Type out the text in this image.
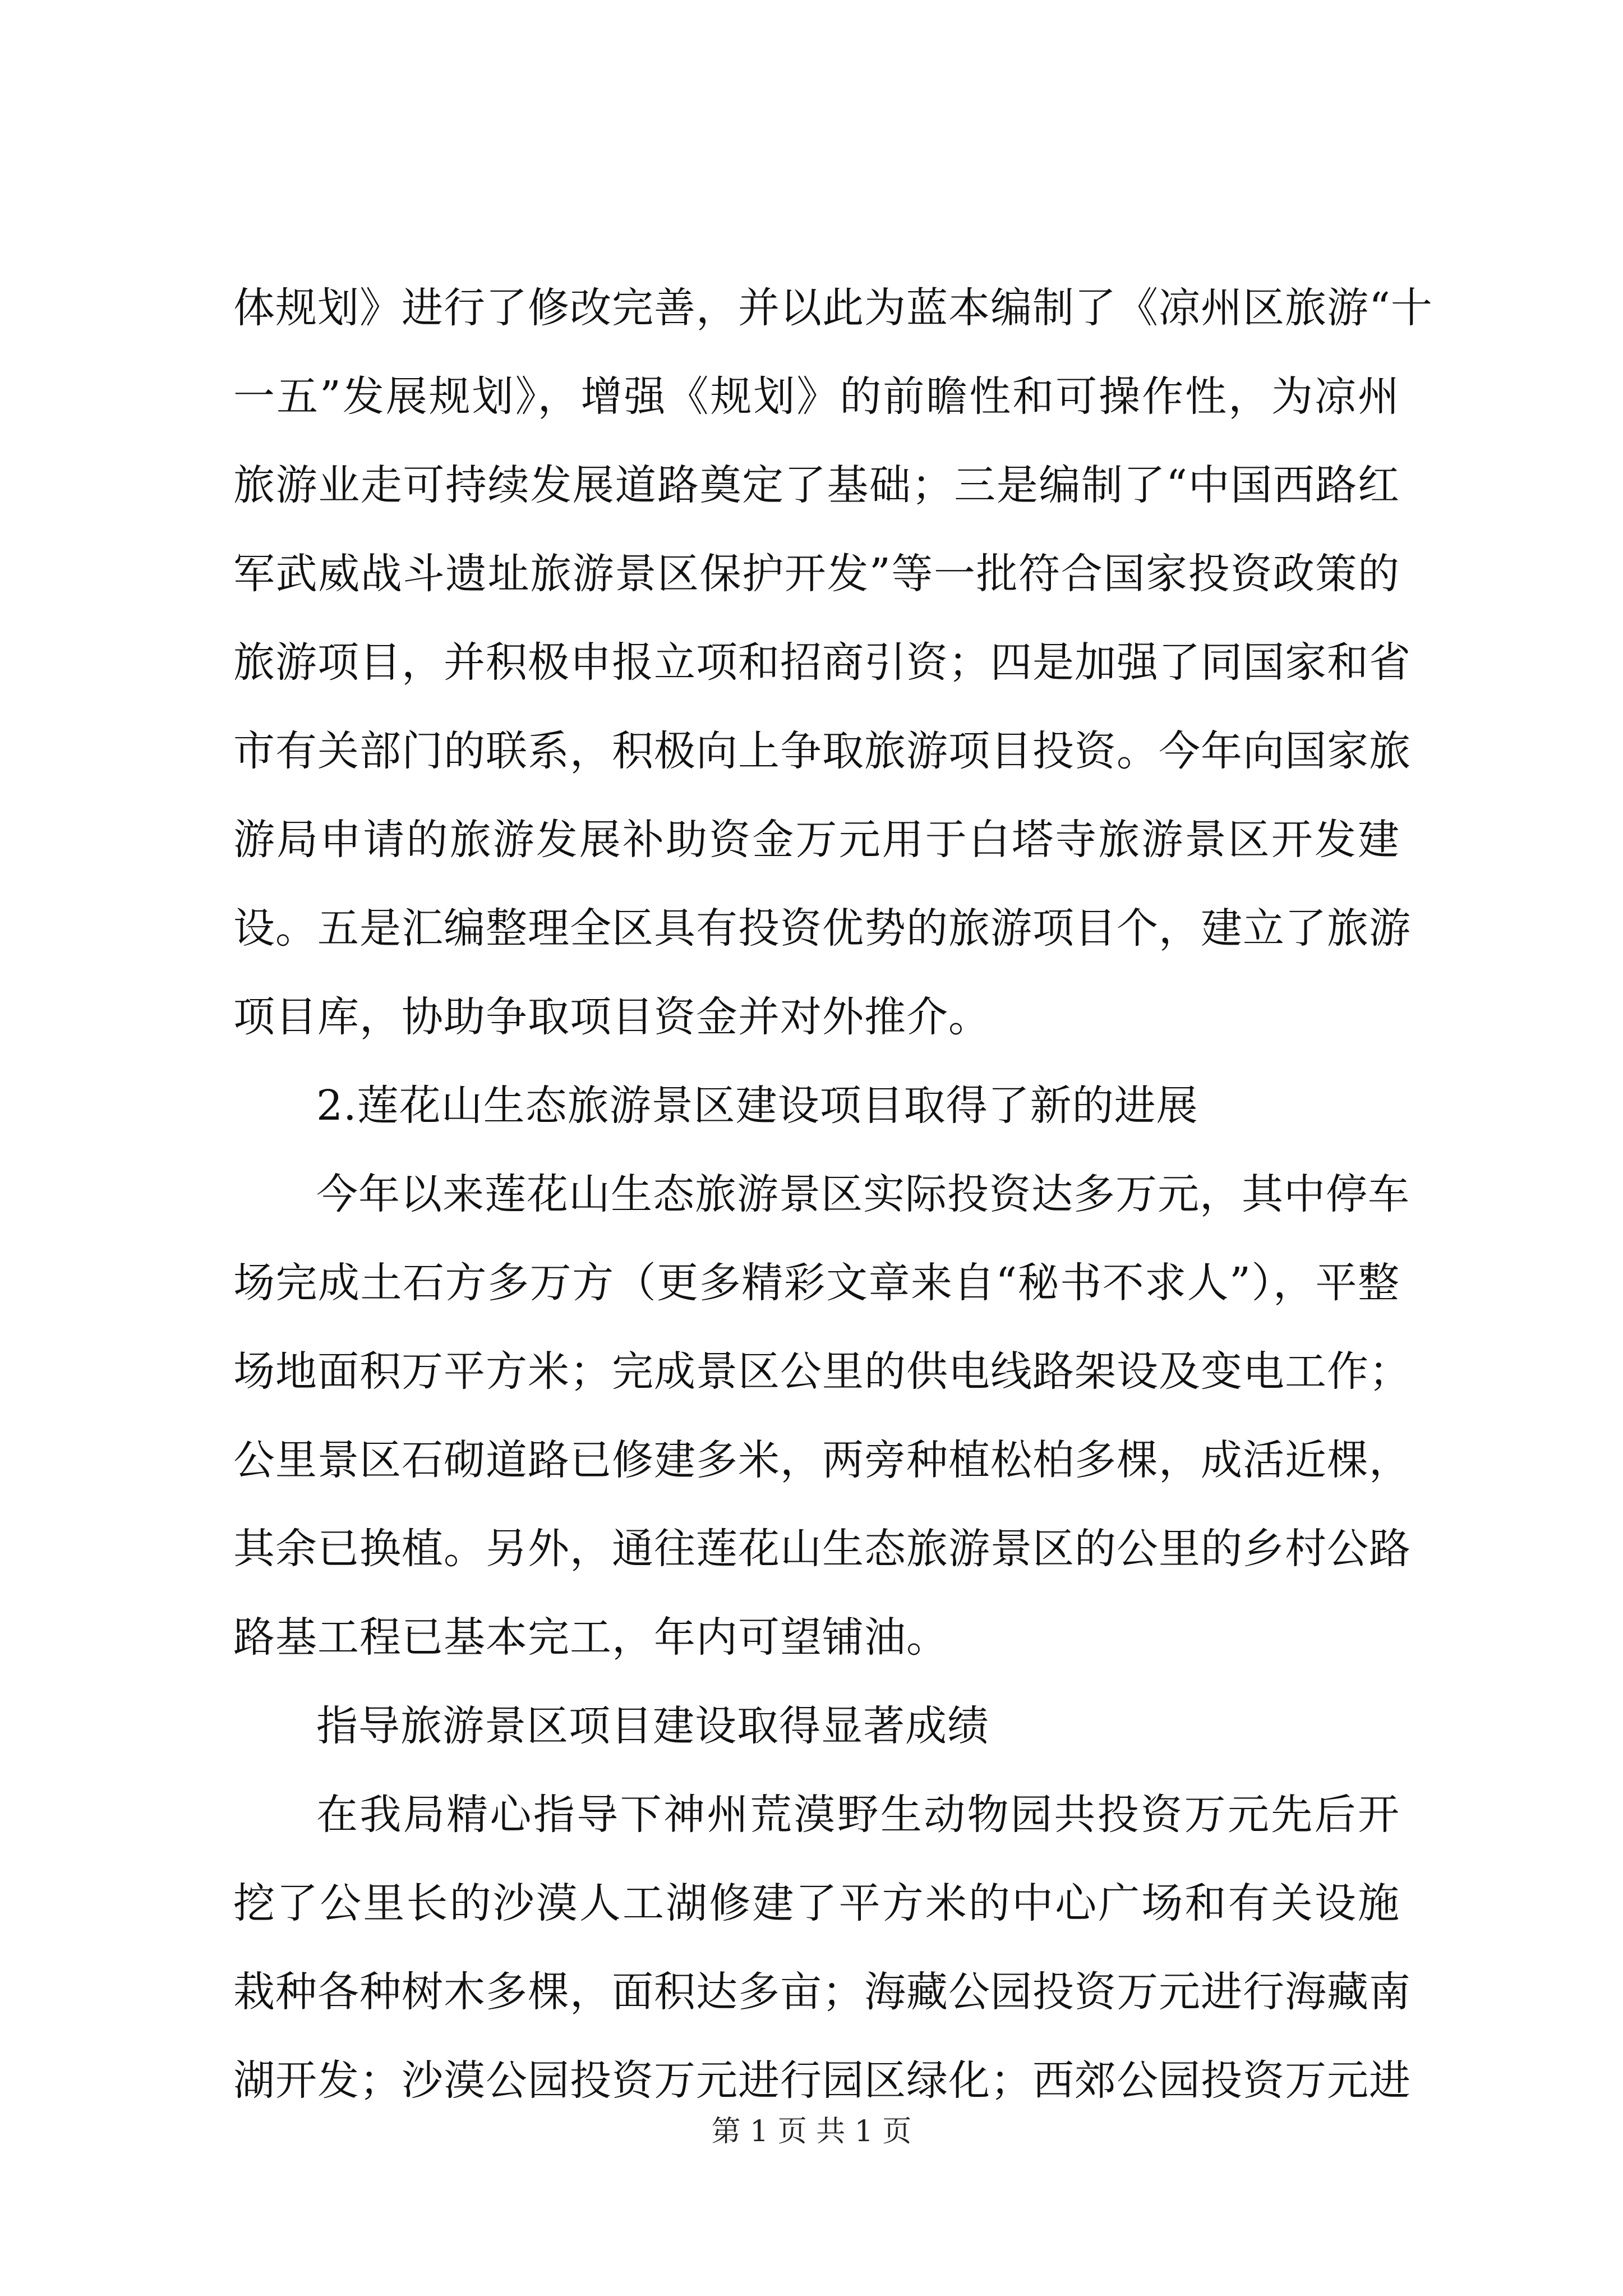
体规划》进行了修改完善，并以此为蓝本编制了《凉州区旅游“十
一五”发展规划》，增强《规划》的前瞻性和可操作性，为凉州
旅游业走可持续发展道路奠定了基础；三是编制了“中国西路红
军武威战斗遗址旅游景区保护开发”等一批符合国家投资政策的
旅游项目，并积极申报立项和招商引资；四是加强了同国家和省
市有关部门的联系，积极向上争取旅游项目投资。今年向国家旅
游局申请的旅游发展补助资金万元用于白塔寺旅游景区开发建
设。五是汇编整理全区具有投资优势的旅游项目个，建立了旅游
项目库，协助争取项目资金并对外推介。
2.莲花山生态旅游景区建设项目取得了新的进展
今年以来莲花山生态旅游景区实际投资达多万元，其中停车
场完成土石方多万方（更多精彩文章来自“秘书不求人”），平整
场地面积万平方米；完成景区公里的供电线路架设及变电工作；
公里景区石砌道路已修建多米，两旁种植松柏多棵，成活近棵，
其余已换植。另外，通往莲花山生态旅游景区的公里的乡村公路
路基工程已基本完工，年内可望铺油。
指导旅游景区项目建设取得显著成绩
在我局精心指导下神州荒漠野生动物园共投资万元先后开
挖了公里长的沙漠人工湖修建了平方米的中心广场和有关设施
栽种各种树木多棵，面积达多亩；海藏公园投资万元进行海藏南
湖开发；沙漠公园投资万元进行园区绿化；西郊公园投资万元进
第 1 页 共 1 页
